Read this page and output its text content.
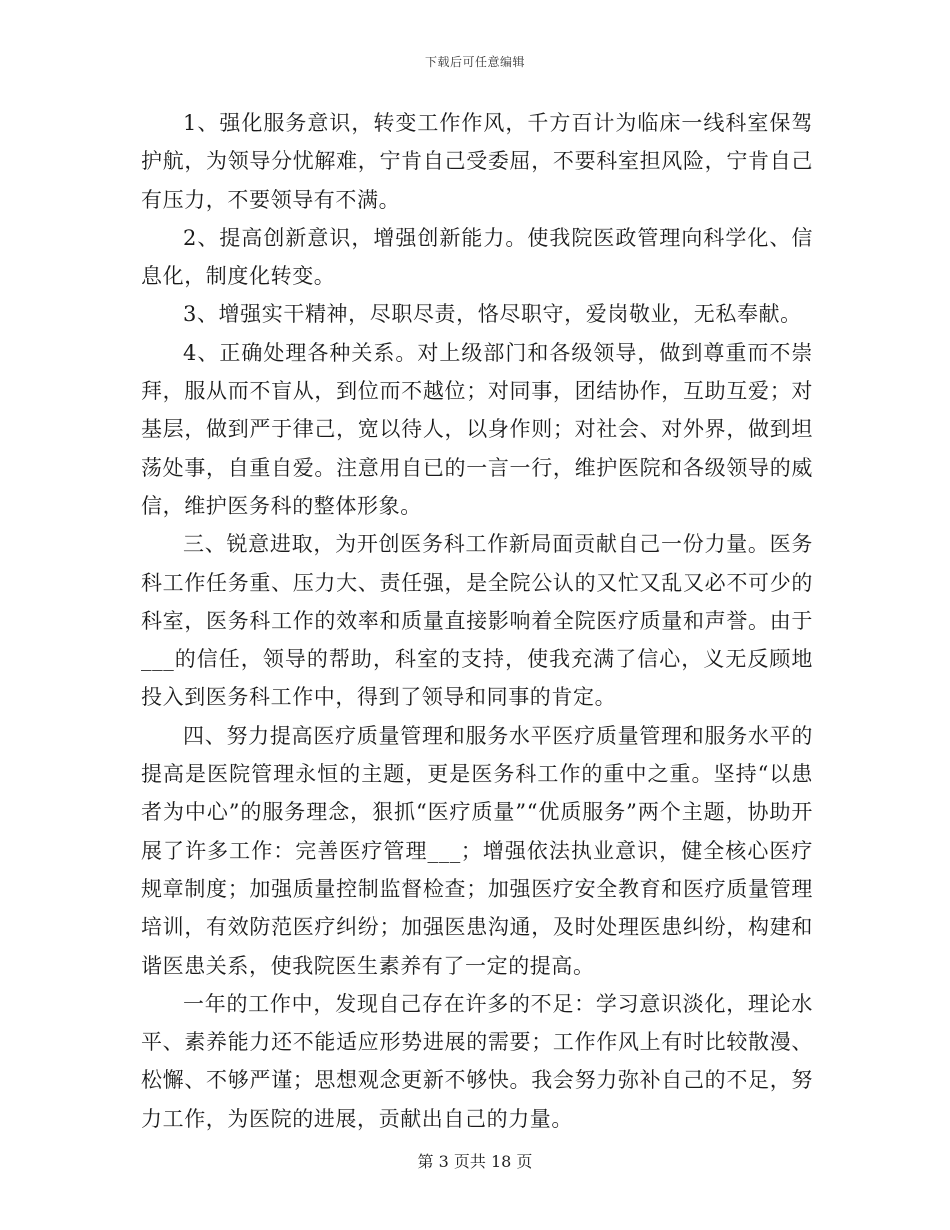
下载后可任意编辑

1、强化服务意识，转变工作作风，千方百计为临床一线科室保驾护航，为领导分忧解难，宁肯自己受委屈，不要科室担风险，宁肯自己有压力，不要领导有不满。

2、提高创新意识，增强创新能力。使我院医政管理向科学化、信息化，制度化转变。

3、增强实干精神，尽职尽责，恪尽职守，爱岗敬业，无私奉献。

4、正确处理各种关系。对上级部门和各级领导，做到尊重而不崇拜，服从而不盲从，到位而不越位；对同事，团结协作，互助互爱；对基层，做到严于律己，宽以待人，以身作则；对社会、对外界，做到坦荡处事，自重自爱。注意用自已的一言一行，维护医院和各级领导的威信，维护医务科的整体形象。

三、锐意进取，为开创医务科工作新局面贡献自己一份力量。医务科工作任务重、压力大、责任强，是全院公认的又忙又乱又必不可少的科室，医务科工作的效率和质量直接影响着全院医疗质量和声誉。由于___的信任，领导的帮助，科室的支持，使我充满了信心，义无反顾地投入到医务科工作中，得到了领导和同事的肯定。

四、努力提高医疗质量管理和服务水平医疗质量管理和服务水平的提高是医院管理永恒的主题，更是医务科工作的重中之重。坚持“以患者为中心”的服务理念，狠抓“医疗质量”“优质服务”两个主题，协助开展了许多工作：完善医疗管理___；增强依法执业意识，健全核心医疗规章制度；加强质量控制监督检查；加强医疗安全教育和医疗质量管理培训，有效防范医疗纠纷；加强医患沟通，及时处理医患纠纷，构建和谐医患关系，使我院医生素养有了一定的提高。

一年的工作中，发现自己存在许多的不足：学习意识淡化，理论水平、素养能力还不能适应形势进展的需要；工作作风上有时比较散漫、松懈、不够严谨；思想观念更新不够快。我会努力弥补自己的不足，努力工作，为医院的进展，贡献出自己的力量。

第 3 页共 18 页
